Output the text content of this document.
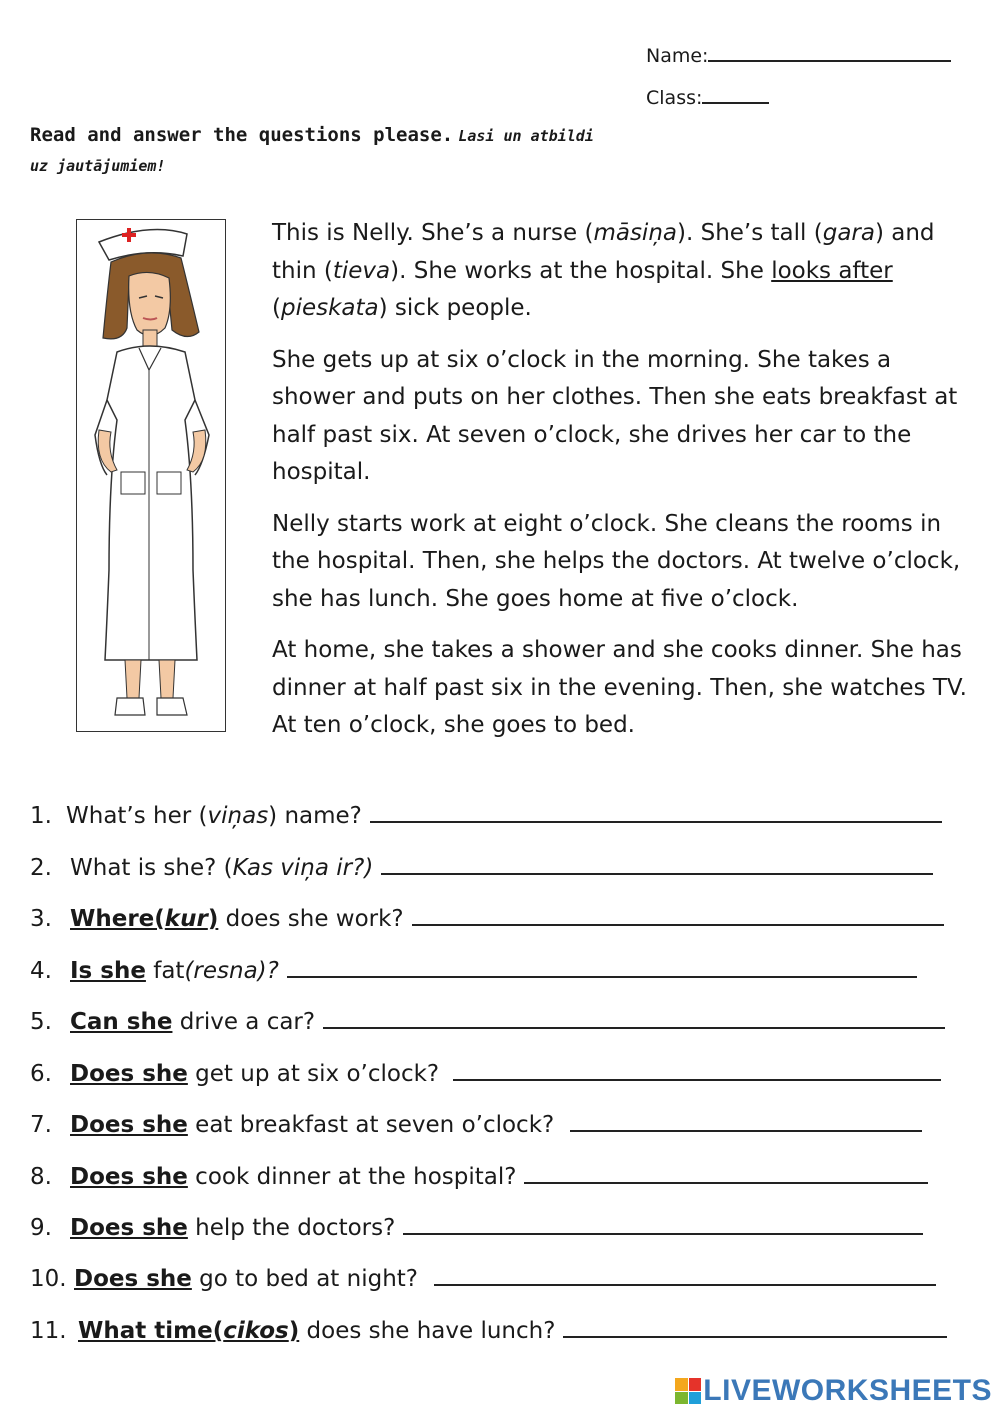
Name:
Class:
Read and answer the questions please. Lasi un atbildi
uz jautājumiem!

This is Nelly. She’s a nurse (māsiņa). She’s tall (gara) and thin (tieva). She works at the hospital. She looks after (pieskata) sick people.

She gets up at six o’clock in the morning. She takes a shower and puts on her clothes. Then she eats breakfast at half past six. At seven o’clock, she drives her car to the hospital.

Nelly starts work at eight o’clock. She cleans the rooms in the hospital. Then, she helps the doctors. At twelve o’clock, she has lunch. She goes home at five o’clock.

At home, she takes a shower and she cooks dinner. She has dinner at half past six in the evening. Then, she watches TV. At ten o’clock, she goes to bed.

1. What’s her (viņas) name?
2. What is she? (Kas viņa ir?)
3. Where(kur) does she work?
4. Is she fat(resna)?
5. Can she drive a car?
6. Does she get up at six o’clock?
7. Does she eat breakfast at seven o’clock?
8. Does she cook dinner at the hospital?
9. Does she help the doctors?
10. Does she go to bed at night?
11. What time(cikos) does she have lunch?
LIVEWORKSHEETS
